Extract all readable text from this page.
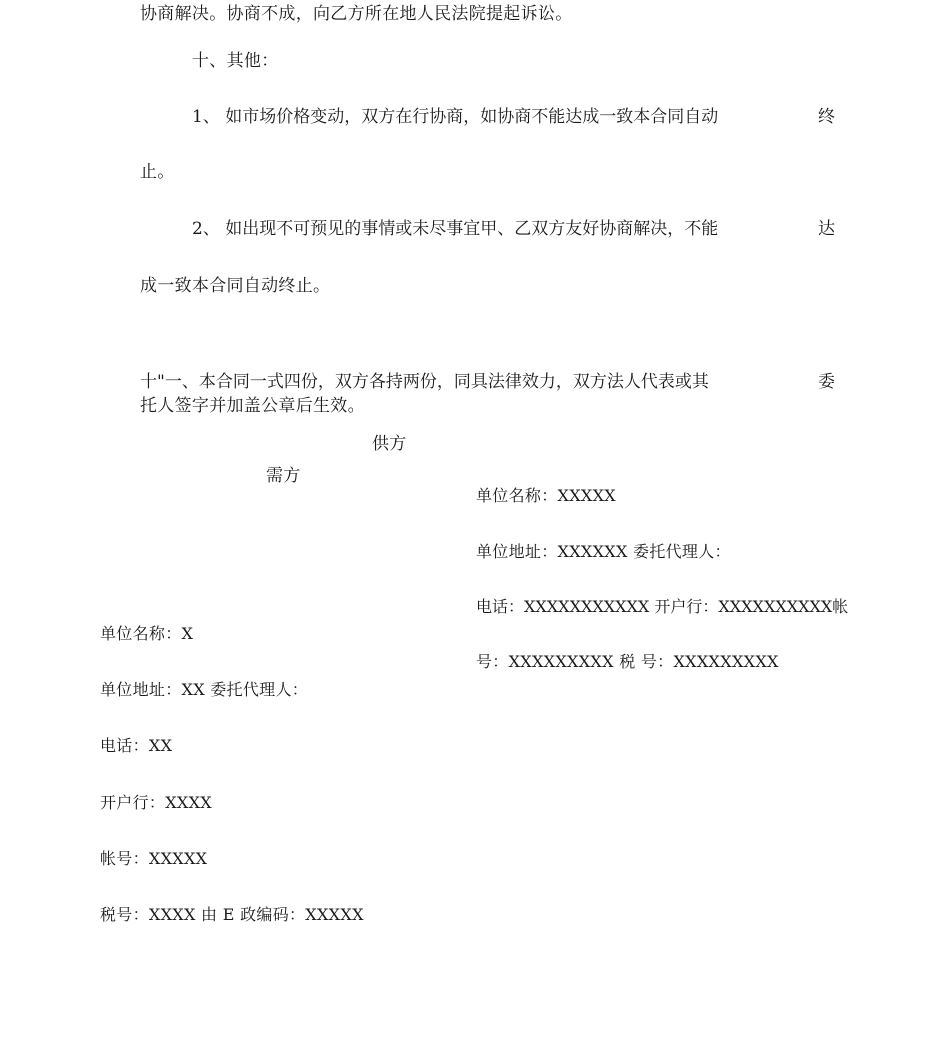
协商解决。协商不成，向乙方所在地人民法院提起诉讼。
十、其他：
1、 如市场价格变动，双方在行协商，如协商不能达成一致本合同自动	终
止。
2、 如出现不可预见的事情或未尽事宜甲、乙双方友好协商解决，不能	达
成一致本合同自动终止。
十"一、本合同一式四份，双方各持两份，同具法律效力，双方法人代表或其	委
托人签字并加盖公章后生效。
供方
需方
单位名称：XXXXX
单位地址：XXXXXX 委托代理人：
电话：XXXXXXXXXXX 开户行：XXXXXXXXXX 帐
号：XXXXXXXXX 税 号：XXXXXXXXX
单位名称：X
单位地址：XX 委托代理人：
电话：XX
开户行：XXXX
帐号：XXXXX
税号：XXXX 由 E 政编码：XXXXX
